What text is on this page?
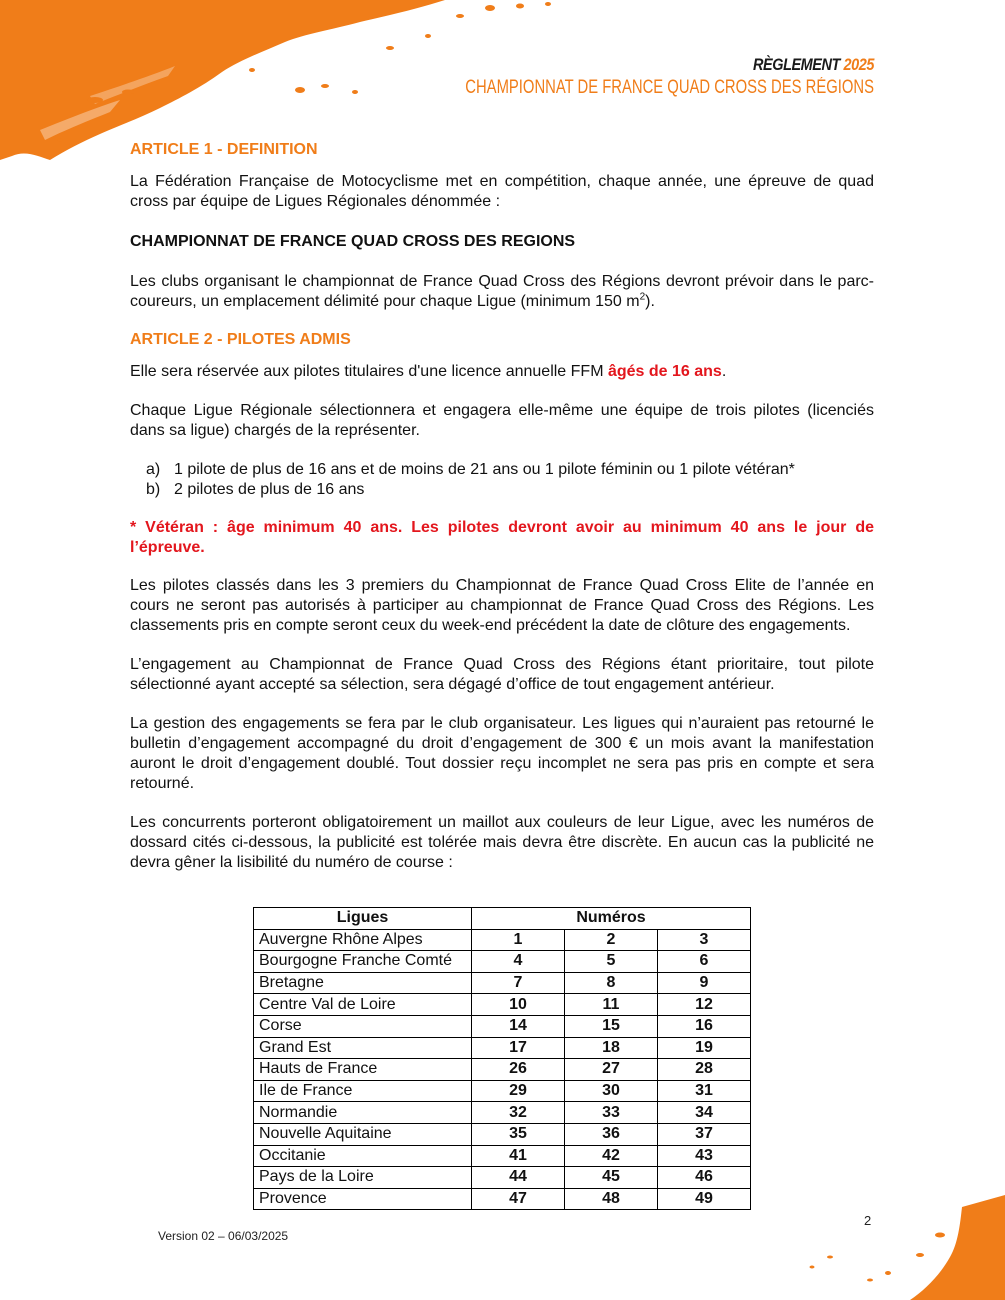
RÈGLEMENT 2025
CHAMPIONNAT DE FRANCE QUAD CROSS DES RÉGIONS
ARTICLE 1 - DEFINITION

La Fédération Française de Motocyclisme met en compétition, chaque année, une épreuve de quad cross par équipe de Ligues Régionales dénommée :

CHAMPIONNAT DE FRANCE QUAD CROSS DES REGIONS

Les clubs organisant le championnat de France Quad Cross des Régions devront prévoir dans le parc-coureurs, un emplacement délimité pour chaque Ligue (minimum 150 $m^2$).

ARTICLE 2 - PILOTES ADMIS

Elle sera réservée aux pilotes titulaires d'une licence annuelle FFM âgés de 16 ans.

Chaque Ligue Régionale sélectionnera et engagera elle-même une équipe de trois pilotes (licenciés dans sa ligue) chargés de la représenter.

a) 1 pilote de plus de 16 ans et de moins de 21 ans ou 1 pilote féminin ou 1 pilote vétéran*
b) 2 pilotes de plus de 16 ans

* Vétéran : âge minimum 40 ans. Les pilotes devront avoir au minimum 40 ans le jour de l’épreuve.

Les pilotes classés dans les 3 premiers du Championnat de France Quad Cross Elite de l’année en cours ne seront pas autorisés à participer au championnat de France Quad Cross des Régions. Les classements pris en compte seront ceux du week-end précédent la date de clôture des engagements.

L’engagement au Championnat de France Quad Cross des Régions étant prioritaire, tout pilote sélectionné ayant accepté sa sélection, sera dégagé d’office de tout engagement antérieur.

La gestion des engagements se fera par le club organisateur. Les ligues qui n’auraient pas retourné le bulletin d’engagement accompagné du droit d’engagement de 300 € un mois avant la manifestation auront le droit d’engagement doublé. Tout dossier reçu incomplet ne sera pas pris en compte et sera retourné.

Les concurrents porteront obligatoirement un maillot aux couleurs de leur Ligue, avec les numéros de dossard cités ci-dessous, la publicité est tolérée mais devra être discrète. En aucun cas la publicité ne devra gêner la lisibilité du numéro de course :

Ligues	Numéros		
Auvergne Rhône Alpes	1	2	3
Bourgogne Franche Comté	4	5	6
Bretagne	7	8	9
Centre Val de Loire	10	11	12
Corse	14	15	16
Grand Est	17	18	19
Hauts de France	26	27	28
Ile de France	29	30	31
Normandie	32	33	34
Nouvelle Aquitaine	35	36	37
Occitanie	41	42	43
Pays de la Loire	44	45	46
Provence	47	48	49
Version 02 – 06/03/2025
2
